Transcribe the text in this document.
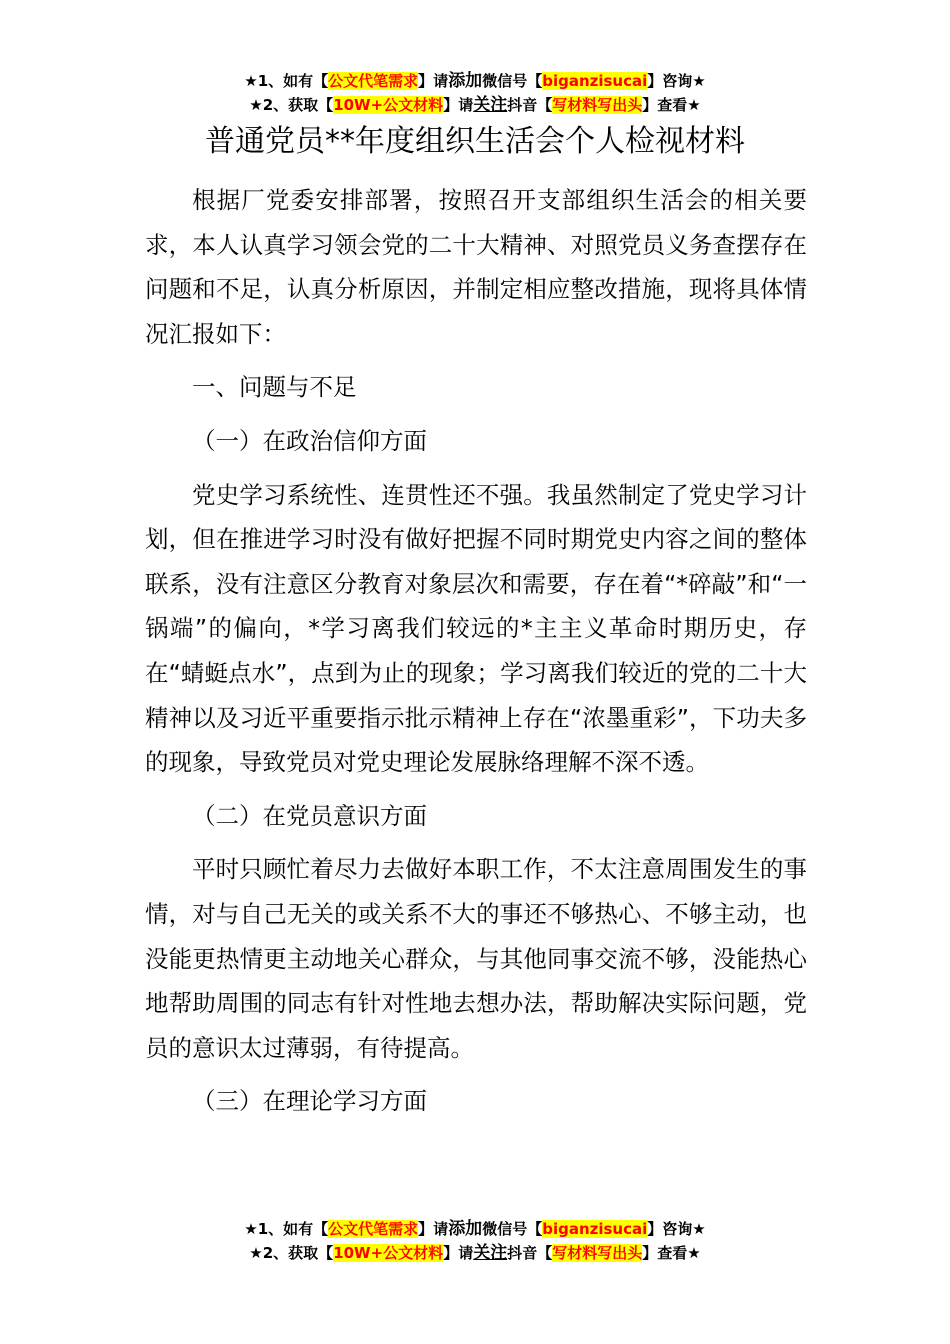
★1、如有【公文代笔需求】请添加微信号【biganzisucai】咨询★
★2、获取【10W+公文材料】请关注抖音【写材料写出头】查看★
普通党员**年度组织生活会个人检视材料

根据厂党委安排部署，按照召开支部组织生活会的相关要求，本人认真学习领会党的二十大精神、对照党员义务查摆存在问题和不足，认真分析原因，并制定相应整改措施，现将具体情况汇报如下：

一、问题与不足

（一）在政治信仰方面

党史学习系统性、连贯性还不强。我虽然制定了党史学习计划，但在推进学习时没有做好把握不同时期党史内容之间的整体联系，没有注意区分教育对象层次和需要，存在着“*碎敲”和“一锅端”的偏向，*学习离我们较远的*主主义革命时期历史，存在“蜻蜓点水”，点到为止的现象；学习离我们较近的党的二十大精神以及习近平重要指示批示精神上存在“浓墨重彩”，下功夫多的现象，导致党员对党史理论发展脉络理解不深不透。

（二）在党员意识方面

平时只顾忙着尽力去做好本职工作，不太注意周围发生的事情，对与自己无关的或关系不大的事还不够热心、不够主动，也没能更热情更主动地关心群众，与其他同事交流不够，没能热心地帮助周围的同志有针对性地去想办法，帮助解决实际问题，党员的意识太过薄弱，有待提高。

（三）在理论学习方面

★1、如有【公文代笔需求】请添加微信号【biganzisucai】咨询★
★2、获取【10W+公文材料】请关注抖音【写材料写出头】查看★
